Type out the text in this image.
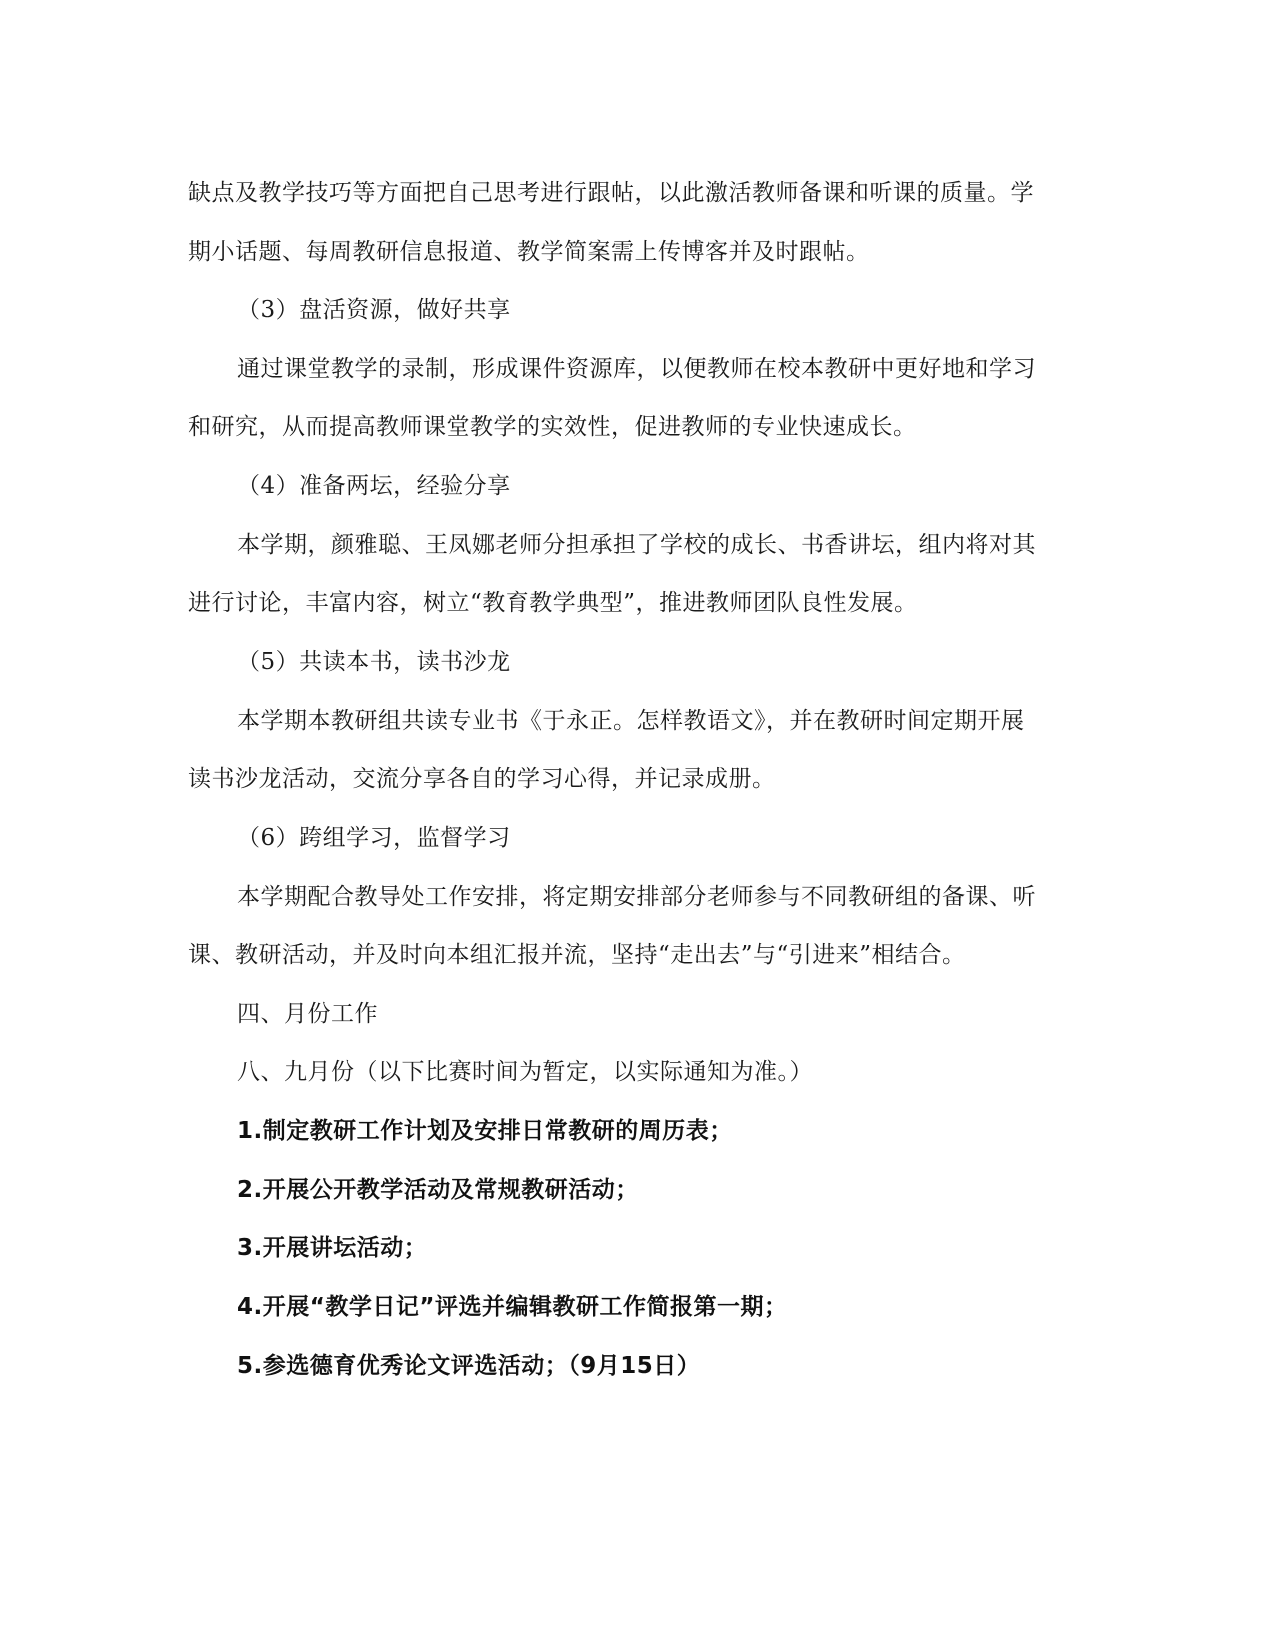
缺点及教学技巧等方面把自己思考进行跟帖，以此激活教师备课和听课的质量。学
期小话题、每周教研信息报道、教学简案需上传博客并及时跟帖。
（3）盘活资源，做好共享
通过课堂教学的录制，形成课件资源库，以便教师在校本教研中更好地和学习
和研究，从而提高教师课堂教学的实效性，促进教师的专业快速成长。
（4）准备两坛，经验分享
本学期，颜雅聪、王凤娜老师分担承担了学校的成长、书香讲坛，组内将对其
进行讨论，丰富内容，树立“教育教学典型”，推进教师团队良性发展。
（5）共读本书，读书沙龙
本学期本教研组共读专业书《于永正。怎样教语文》，并在教研时间定期开展
读书沙龙活动，交流分享各自的学习心得，并记录成册。
（6）跨组学习，监督学习
本学期配合教导处工作安排，将定期安排部分老师参与不同教研组的备课、听
课、教研活动，并及时向本组汇报并流，坚持“走出去”与“引进来”相结合。
四、月份工作
八、九月份（以下比赛时间为暂定，以实际通知为准。）
1.制定教研工作计划及安排日常教研的周历表；
2.开展公开教学活动及常规教研活动；
3.开展讲坛活动；
4.开展“教学日记”评选并编辑教研工作简报第一期；
5.参选德育优秀论文评选活动；（9月15日）
